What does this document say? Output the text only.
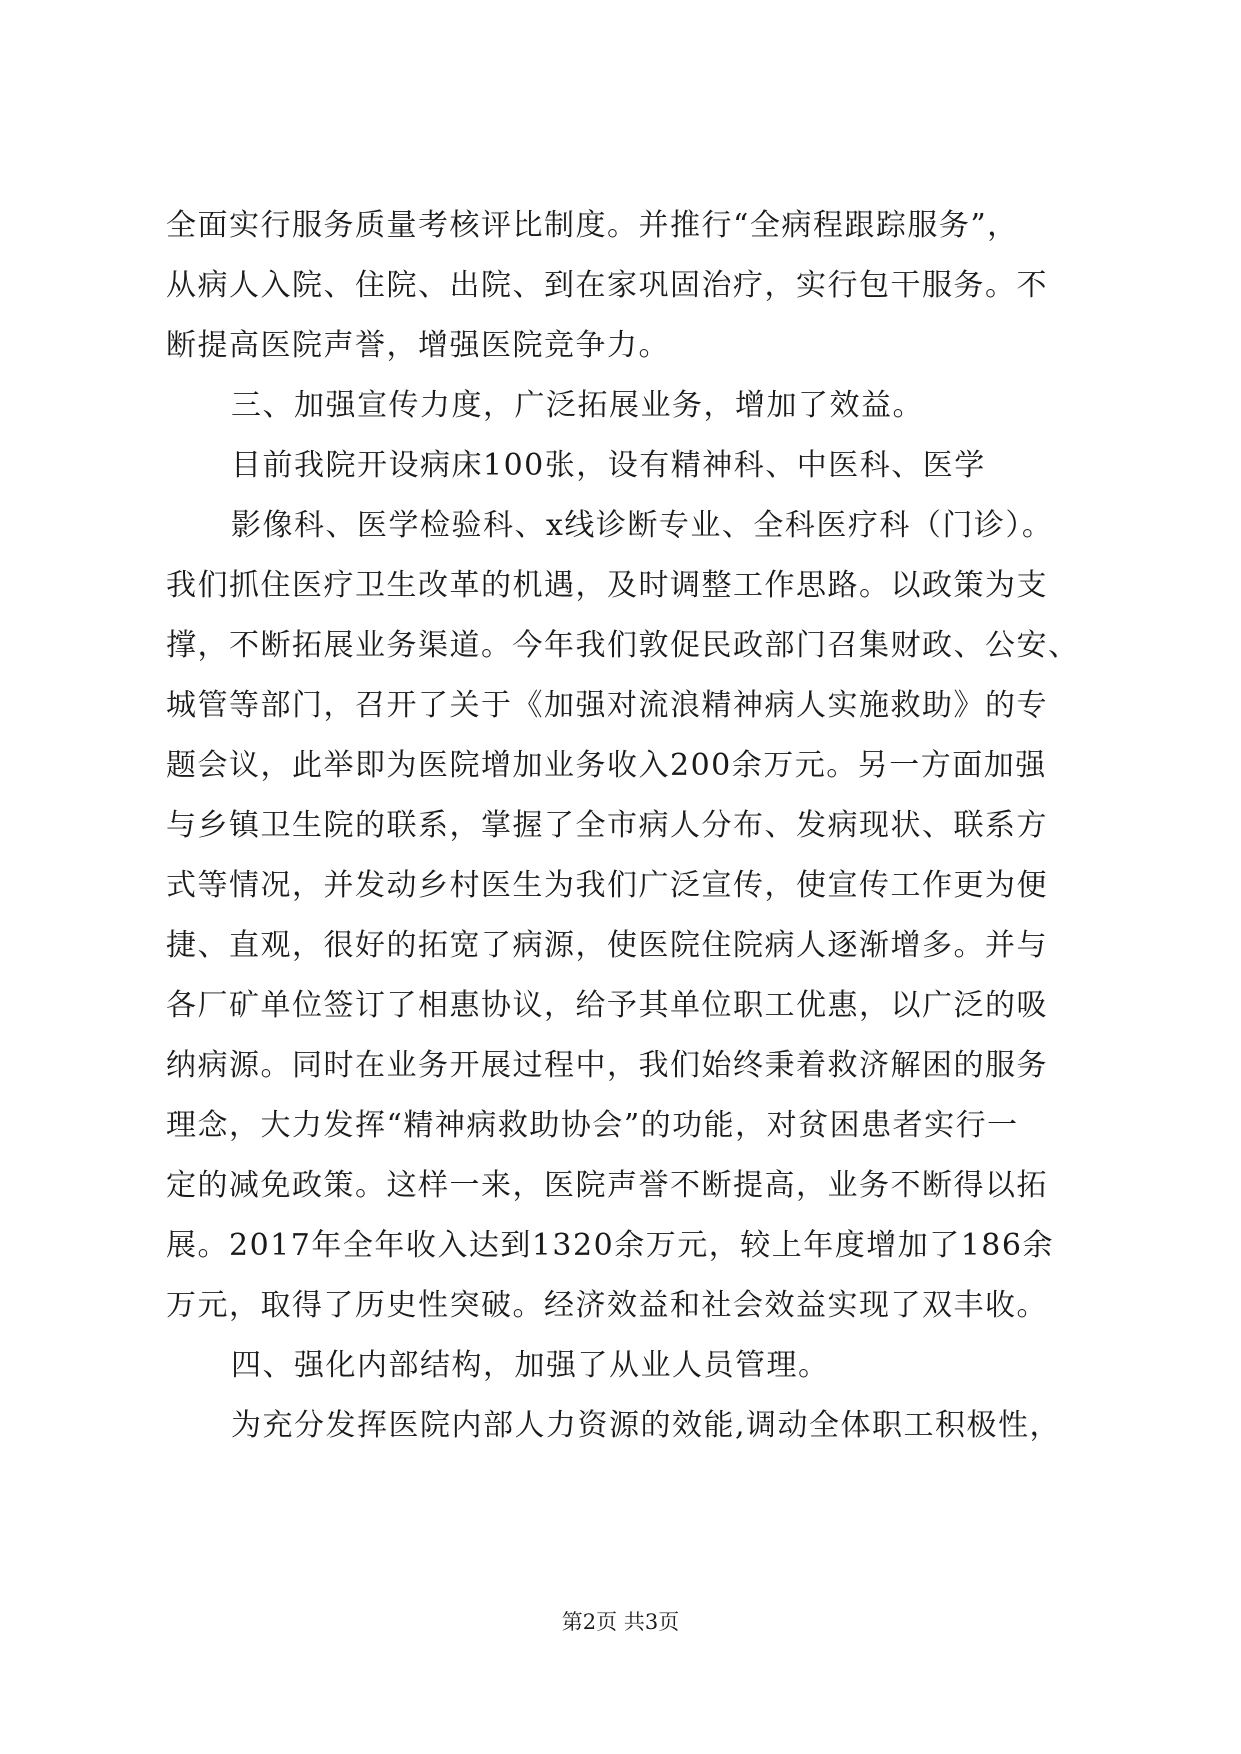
全面实行服务质量考核评比制度。并推行“全病程跟踪服务”，
从病人入院、住院、出院、到在家巩固治疗，实行包干服务。不
断提高医院声誉，增强医院竞争力。
三、加强宣传力度，广泛拓展业务，增加了效益。
目前我院开设病床100张，设有精神科、中医科、医学
影像科、医学检验科、x线诊断专业、全科医疗科（门诊）。
我们抓住医疗卫生改革的机遇，及时调整工作思路。以政策为支
撑，不断拓展业务渠道。今年我们敦促民政部门召集财政、公安、
城管等部门，召开了关于《加强对流浪精神病人实施救助》的专
题会议，此举即为医院增加业务收入200余万元。另一方面加强
与乡镇卫生院的联系，掌握了全市病人分布、发病现状、联系方
式等情况，并发动乡村医生为我们广泛宣传，使宣传工作更为便
捷、直观，很好的拓宽了病源，使医院住院病人逐渐增多。并与
各厂矿单位签订了相惠协议，给予其单位职工优惠，以广泛的吸
纳病源。同时在业务开展过程中，我们始终秉着救济解困的服务
理念，大力发挥“精神病救助协会”的功能，对贫困患者实行一
定的减免政策。这样一来，医院声誉不断提高，业务不断得以拓
展。2017年全年收入达到1320余万元，较上年度增加了186余
万元，取得了历史性突破。经济效益和社会效益实现了双丰收。
四、强化内部结构，加强了从业人员管理。
为充分发挥医院内部人力资源的效能,调动全体职工积极性，
第2页 共3页
